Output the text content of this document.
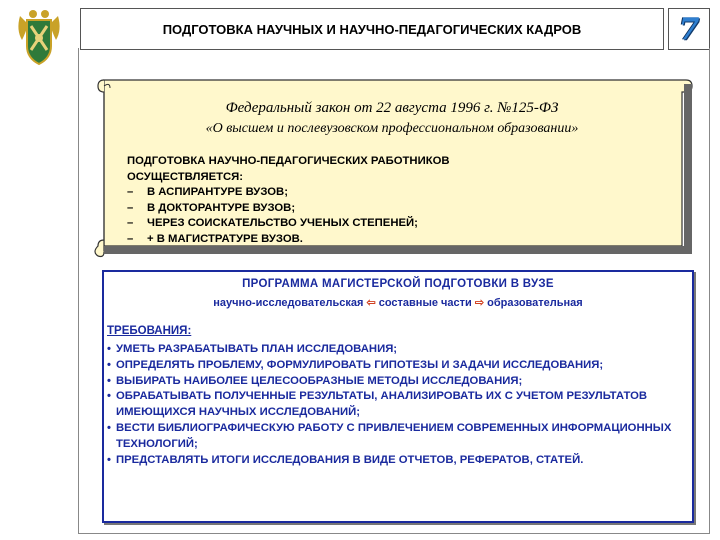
ПОДГОТОВКА НАУЧНЫХ И НАУЧНО-ПЕДАГОГИЧЕСКИХ КАДРОВ	7
Федеральный закон от 22 августа 1996 г. №125-ФЗ
«О высшем и послевузовском профессиональном образовании»
ПОДГОТОВКА НАУЧНО-ПЕДАГОГИЧЕСКИХ РАБОТНИКОВ
ОСУЩЕСТВЛЯЕТСЯ:
– В АСПИРАНТУРЕ ВУЗОВ;
– В ДОКТОРАНТУРЕ ВУЗОВ;
– ЧЕРЕЗ СОИСКАТЕЛЬСТВО УЧЕНЫХ СТЕПЕНЕЙ;
– + В МАГИСТРАТУРЕ ВУЗОВ.
ПРОГРАММА МАГИСТЕРСКОЙ ПОДГОТОВКИ В ВУЗЕ
научно-исследовательская ⇦ составные части ⇨ образовательная
ТРЕБОВАНИЯ:
• УМЕТЬ РАЗРАБАТЫВАТЬ ПЛАН ИССЛЕДОВАНИЯ;
• ОПРЕДЕЛЯТЬ ПРОБЛЕМУ, ФОРМУЛИРОВАТЬ ГИПОТЕЗЫ И ЗАДАЧИ ИССЛЕДОВАНИЯ;
• ВЫБИРАТЬ НАИБОЛЕЕ ЦЕЛЕСООБРАЗНЫЕ МЕТОДЫ ИССЛЕДОВАНИЯ;
• ОБРАБАТЫВАТЬ ПОЛУЧЕННЫЕ РЕЗУЛЬТАТЫ, АНАЛИЗИРОВАТЬ ИХ С УЧЕТОМ РЕЗУЛЬТАТОВ ИМЕЮЩИХСЯ НАУЧНЫХ ИССЛЕДОВАНИЙ;
• ВЕСТИ БИБЛИОГРАФИЧЕСКУЮ РАБОТУ С ПРИВЛЕЧЕНИЕМ СОВРЕМЕННЫХ ИНФОРМАЦИОННЫХ ТЕХНОЛОГИЙ;
• ПРЕДСТАВЛЯТЬ ИТОГИ ИССЛЕДОВАНИЯ В ВИДЕ ОТЧЕТОВ, РЕФЕРАТОВ, СТАТЕЙ.
